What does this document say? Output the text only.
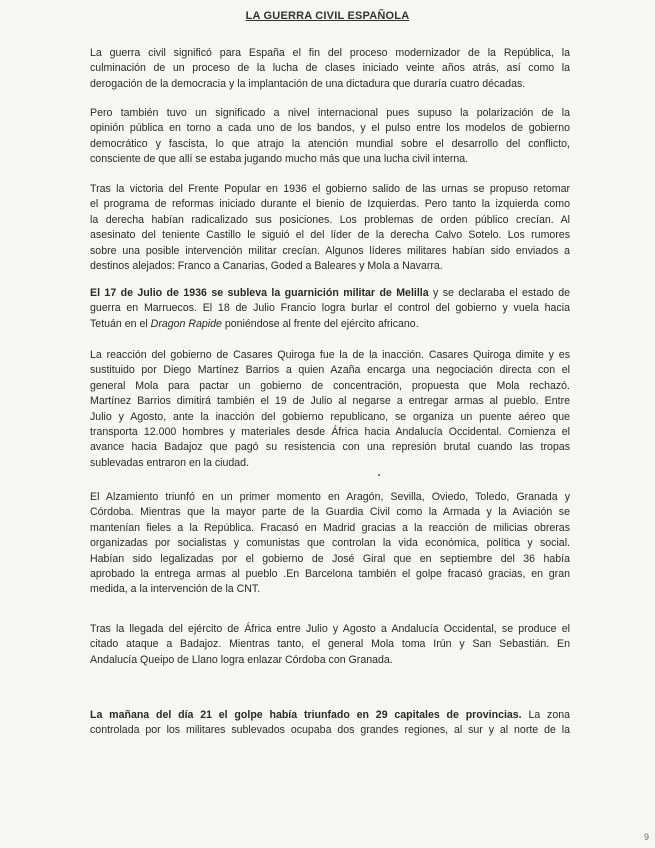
LA GUERRA CIVIL ESPAÑOLA
La guerra civil significó para España el fin del proceso modernizador de la República, la
culminación de un proceso de la lucha de clases iniciado veinte años atrás, así como la
derogación de la democracia y la implantación de una dictadura que duraría cuatro décadas.
Pero también tuvo un significado a nivel internacional pues supuso la polarización de la
opinión pública en torno a cada uno de los bandos, y el pulso entre los modelos de gobierno
democrático y fascista, lo que atrajo la atención mundial sobre el desarrollo del conflicto,
consciente de que allí se estaba jugando mucho más que una lucha civil interna.
Tras la victoria del Frente Popular en 1936 el gobierno salido de las urnas se propuso retomar
el programa de reformas iniciado durante el bienio de Izquierdas. Pero tanto la izquierda como
la derecha habían radicalizado sus posiciones. Los problemas de orden público crecían. Al
asesinato del teniente Castillo le siguió el del líder de la derecha Calvo Sotelo. Los rumores
sobre una posible intervención militar crecían. Algunos líderes militares habían sido enviados a
destinos alejados: Franco a Canarias, Goded a Baleares y Mola a Navarra.
El 17 de Julio de 1936 se subleva la guarnición militar de Melilla y se declaraba el estado de
guerra en Marruecos. El 18 de Julio Francio logra burlar el control del gobierno y vuela hacia
Tetuán en el Dragon Rapide poniéndose al frente del ejército africano.
La reacción del gobierno de Casares Quiroga fue la de la inacción. Casares Quiroga dimite y es
sustituido por Diego Martínez Barrios a quien Azaña encarga una negociación directa con el
general Mola para pactar un gobierno de concentración, propuesta que Mola rechazó.
Martínez Barrios dimitirá también el 19 de Julio al negarse a entregar armas al pueblo. Entre
Julio y Agosto, ante la inacción del gobierno republicano, se organiza un puente aéreo que
transporta 12.000 hombres y materiales desde África hacia Andalucía Occidental. Comienza el
avance hacia Badajoz que pagó su resistencia con una represión brutal cuando las tropas
sublevadas entraron en la ciudad.
El Alzamiento triunfó en un primer momento en Aragón, Sevilla, Oviedo, Toledo, Granada y
Córdoba. Mientras que la mayor parte de la Guardia Civil como la Armada y la Aviación se
mantenían fieles a la República. Fracasó en Madrid gracias a la reacción de milicias obreras
organizadas por socialistas y comunistas que controlan la vida económica, política y social.
Habían sido legalizadas por el gobierno de José Giral que en septiembre del 36 había
aprobado la entrega armas al pueblo .En Barcelona también el golpe fracasó gracias, en gran
medida, a la intervención de la CNT.
Tras la llegada del ejército de África entre Julio y Agosto a Andalucía Occidental, se produce el
citado ataque a Badajoz. Mientras tanto, el general Mola toma Irún y San Sebastián. En
Andalucía Queipo de Llano logra enlazar Córdoba con Granada.
La mañana del día 21 el golpe había triunfado en 29 capitales de provincias. La zona
controlada por los militares sublevados ocupaba dos grandes regiones, al sur y al norte de la
9
